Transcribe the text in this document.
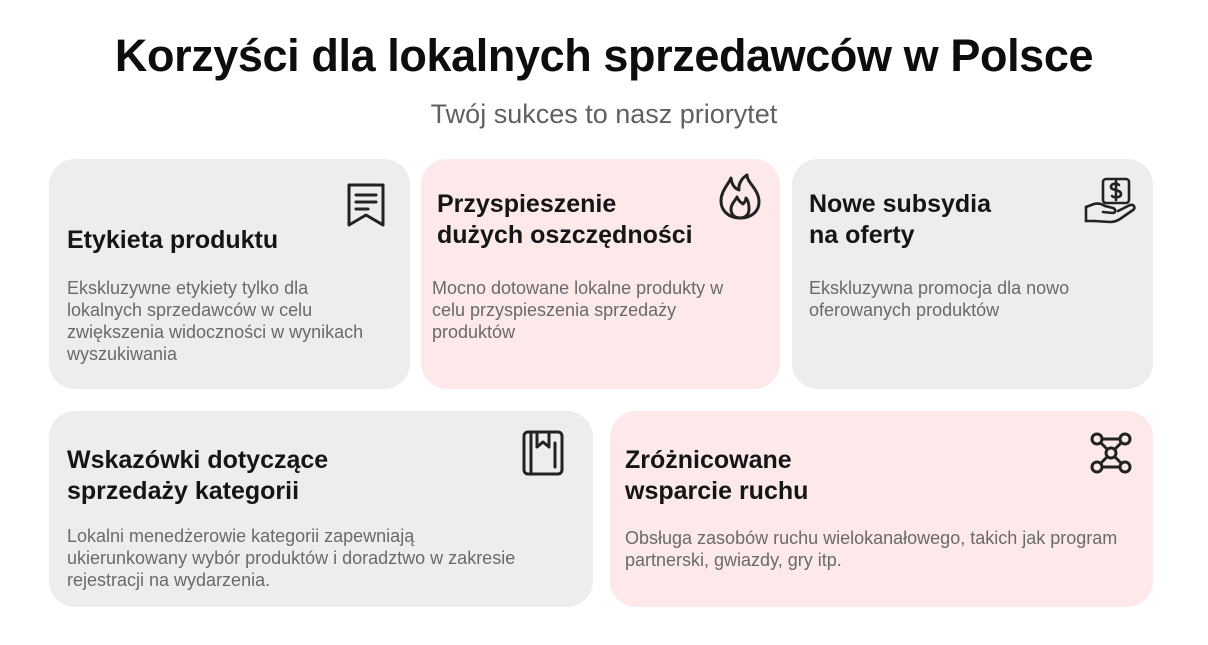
Korzyści dla lokalnych sprzedawców w Polsce
Twój sukces to nasz priorytet
Etykieta produktu
Ekskluzywne etykiety tylko dla lokalnych sprzedawców w celu zwiększenia widoczności w wynikach wyszukiwania
Przyspieszenie
dużych oszczędności
Mocno dotowane lokalne produkty w celu przyspieszenia sprzedaży produktów
Nowe subsydia
na oferty
Ekskluzywna promocja dla nowo oferowanych produktów
Wskazówki dotyczące
sprzedaży kategorii
Lokalni menedżerowie kategorii zapewniają ukierunkowany wybór produktów i doradztwo w zakresie rejestracji na wydarzenia.
Zróżnicowane
wsparcie ruchu
Obsługa zasobów ruchu wielokanałowego, takich jak program partnerski, gwiazdy, gry itp.
